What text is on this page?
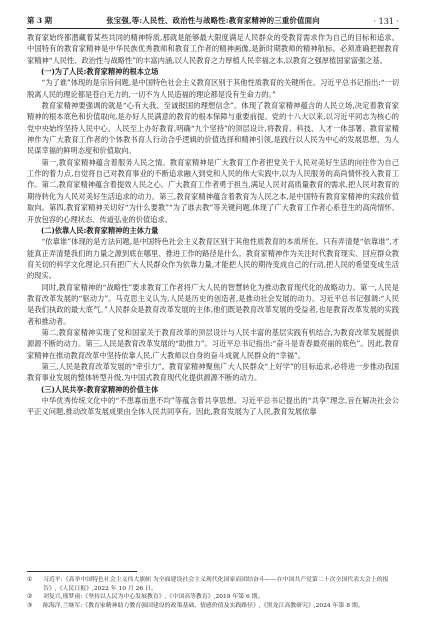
第 3 期	张宝强,等:人民性、政治性与战略性:教育家精神的三重价值面向	· 131 ·

教育家始终都潜藏着某些共同的精神特质,那就是能够最大限度满足人民群众的受教育需求作为自己的目标和追求。中国特有的教育家精神是中华民族优秀教师和教育工作者的精神画像,是新时期教师的精神航标。必须准确把握教育家精神“人民性、政治性与战略性”的丰富内涵,以人民教育之力厚植人民幸福之本,以教育之强厚植国家富强之基。

(一)为了人民:教育家精神的根本立场

“为了谁”体现的是宗旨问题,是中国特色社会主义教育区别于其他性质教育的关键所在。习近平总书记指出:“一切脱离人民的理论都是苍白无力的,一切不为人民造福的理论都是没有生命力的。”

教育家精神要强调的就是“心有大我、至诚报国的理想信念”。体现了教育家精神蕴含的人民立场,决定着教育家精神的根本底色和价值取向,是办好人民满意的教育的根本保障与重要前提。党的十八大以来,以习近平同志为核心的党中央始终坚持人民中心、人民至上办好教育,明确“九个坚持”的顶层设计,将教育、科技、人才一体部署。教育家精神作为广大教育工作者的个体教书育人行动合乎逻辑的价值选择和精神引领,是践行以人民为中心的发展思想、为人民谋幸福的鲜明态度和价值取向。

第一,教育家精神蕴含着服务人民之情。教育家精神是广大教育工作者把党关于人民对美好生活的向往作为自己工作的着力点,自觉将自己对教育事业的不断追求融入到党和人民的伟大实践中,以为人民服务的高尚情怀投入教育工作。第二,教育家精神蕴含着提效人民之心。广大教育工作者勇于担当,满足人民对高质量教育的需求,把人民对教育的期待转化为人民对美好生活追求的动力。第三,教育家精神蕴含着教育为人民之本,是中国特有教育家精神的实践价值取向。第四,教育家精神关切好“为什么要教”“为了谁去教”等关键问题,体现了广大教育工作者心系苍生的高尚情怀、开放包容的心理状态、传道弘业的价值追求。

(二)依靠人民:教育家精神的主体力量

“依靠谁”体现的是方法问题,是中国特色社会主义教育区别于其他性质教育的本质所在。只有弄清楚“依靠谁”,才能真正弄清楚我们的力量之源到底在哪里、推进工作的路径是什么。教育家精神作为关注时代教育现实、回应群众教育关切的科学文化理论,只有把广大人民群众作为依靠力量,才能把人民的期待变成自己的行动,把人民的希望变成生活的现实。

同时,教育家精神的“战略性”要求教育工作者将广大人民的智慧转化为推动教育现代化的战略动力。第一,人民是教育改革发展的“驱动力”。马克思主义认为,人民是历史的创造者,是推动社会发展的动力。习近平总书记强调:“人民是我们执政的最大底气。”人民群众是教育改革发展的主体,他们既是教育改革发展的受益者,也是教育改革发展的实践者和推动者。

第二,教育家精神实现了党和国家关于教育改革的顶层设计与人民丰富的基层实践有机结合,为教育改革发展提供源源不断的动力。第三,人民是教育改革发展的“助推力”。习近平总书记指出:“奋斗是青春最亮丽的底色”。因此,教育家精神在推动教育改革中坚持依靠人民,广大教师以自身的奋斗成就人民群众的“幸福”。

第三,人民是教育改革发展的“牵引力”。教育家精神聚焦广大人民群众“上好学”的目标追求,必将进一步推动我国教育事业发展的整体转型升级,为中国式教育现代化提供源源不断的动力。

(三)人民共享:教育家精神的价值主体

中华优秀传统文化中的“不患寡而患不均”等蕴含着共享思想。习近平总书记提出的“共享”理念,旨在解决社会公平正义问题,推动改革发展成果由全体人民共同享有。因此,教育发展为了人民,教育发展依靠

①	习近平:《高举中国特色社会主义伟大旗帜 为全面建设社会主义现代化国家而团结奋斗——在中国共产党第二十次全国代表大会上的报告》,《人民日报》,2022 年 10 月 26 日。
②	刘复兴,邢梦雨:《坚持以人民为中心发展教育》,《中国高等教育》,2019 年第 6 期。
③	陈海洋,兰继军:《教育家精神助力教育强国建设的政策基础、情感价值及实践路径》,《黑龙江高教研究》,2024 年第 8 期。
